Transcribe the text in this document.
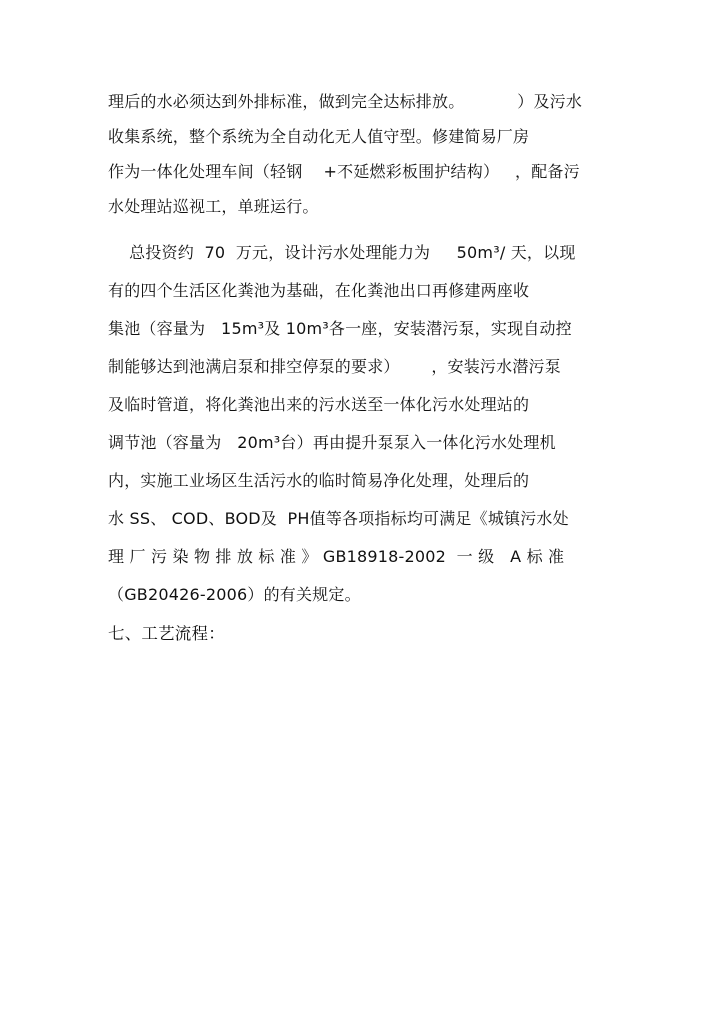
理后的水必须达到外排标准，做到完全达标排放。          ）及污水
收集系统，整个系统为全自动化无人值守型。修建简易厂房
作为一体化处理车间（轻钢    +不延燃彩板围护结构）   ，配备污
水处理站巡视工，单班运行。
总投资约  70  万元，设计污水处理能力为     50m³/ 天，以现
有的四个生活区化粪池为基础，在化粪池出口再修建两座收
集池（容量为   15m³及 10m³各一座，安装潜污泵，实现自动控
制能够达到池满启泵和排空停泵的要求）      ，安装污水潜污泵
及临时管道，将化粪池出来的污水送至一体化污水处理站的
调节池（容量为   20m³台）再由提升泵泵入一体化污水处理机
内，实施工业场区生活污水的临时简易净化处理，处理后的
水 SS、 COD、BOD及  PH值等各项指标均可满足《城镇污水处
理 厂 污 染 物 排 放 标 准 》 GB18918-2002  一 级   A 标 准
（GB20426-2006）的有关规定。
七、工艺流程：
